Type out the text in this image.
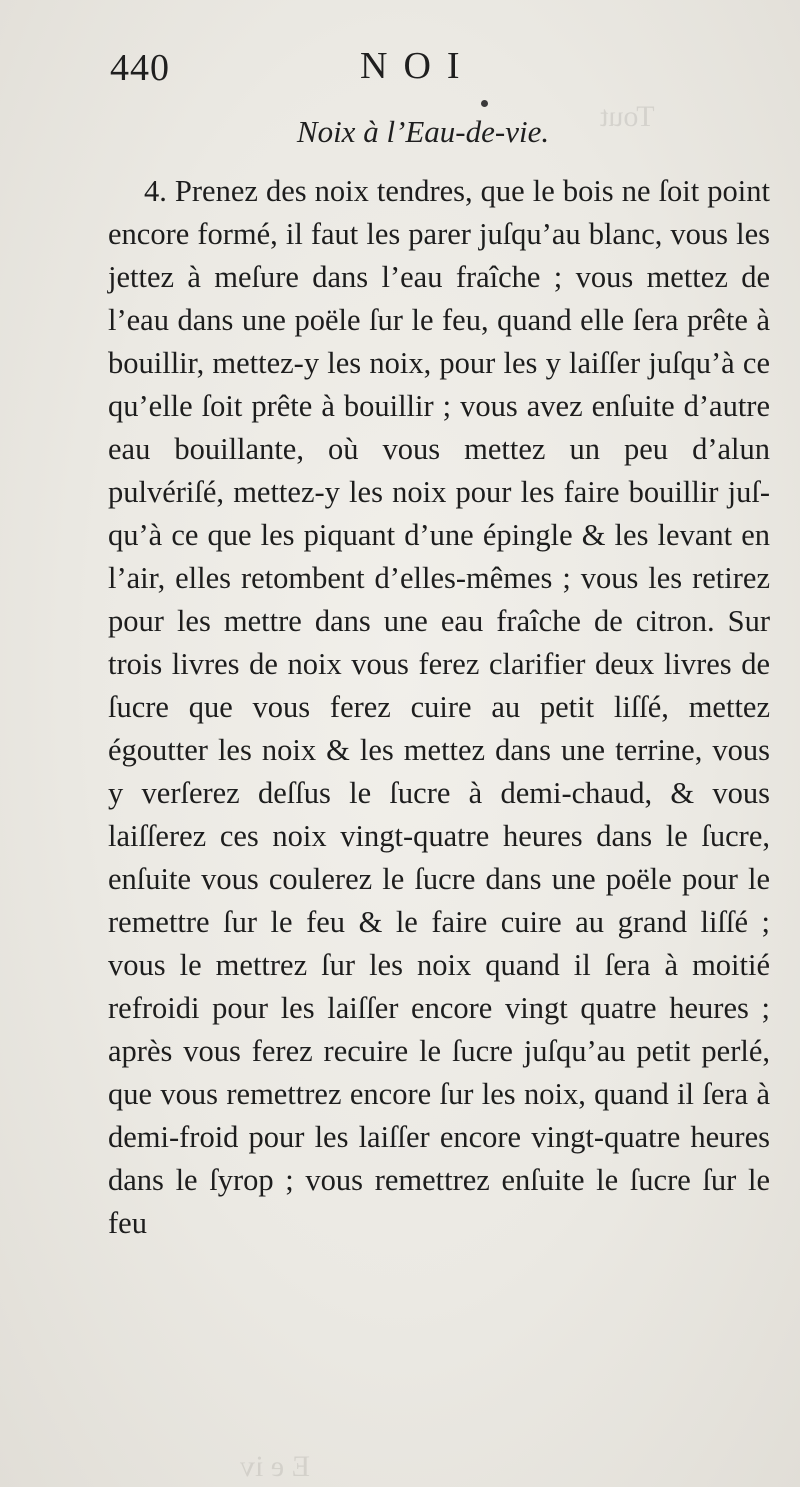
Tout
E e iv
440	NOI
Noix à l’Eau-de-vie.

4. Prenez des noix tendres, que le bois ne ſoit point encore formé, il faut les parer juſqu’au blanc, vous les jettez à meſure dans l’eau fraîche ; vous mettez de l’eau dans une poële ſur le feu, quand elle ſera prête à bouillir, mettez-y les noix, pour les y laiſſer juſqu’à ce qu’elle ſoit prête à bouillir ; vous avez enſuite d’autre eau bouillante, où vous mettez un peu d’alun pulvériſé, mettez-y les noix pour les faire bouillir juſqu’à ce que les piquant d’une épingle & les levant en l’air, elles retombent d’elles-mêmes ; vous les retirez pour les mettre dans une eau fraîche de citron. Sur trois livres de noix vous ferez clarifier deux livres de ſucre que vous ferez cuire au petit liſſé, mettez égoutter les noix & les mettez dans une terrine, vous y verſerez deſſus le ſucre à demi-chaud, & vous laiſſerez ces noix vingt-quatre heures dans le ſucre, enſuite vous coulerez le ſucre dans une poële pour le remettre ſur le feu & le faire cuire au grand liſſé ; vous le mettrez ſur les noix quand il ſera à moitié refroidi pour les laiſſer encore vingt quatre heures ; après vous ferez recuire le ſucre juſqu’au petit perlé, que vous remettrez encore ſur les noix, quand il ſera à demi-froid pour les laiſſer encore vingt-quatre heures dans le ſyrop ; vous remettrez enſuite le ſucre ſur le feu
